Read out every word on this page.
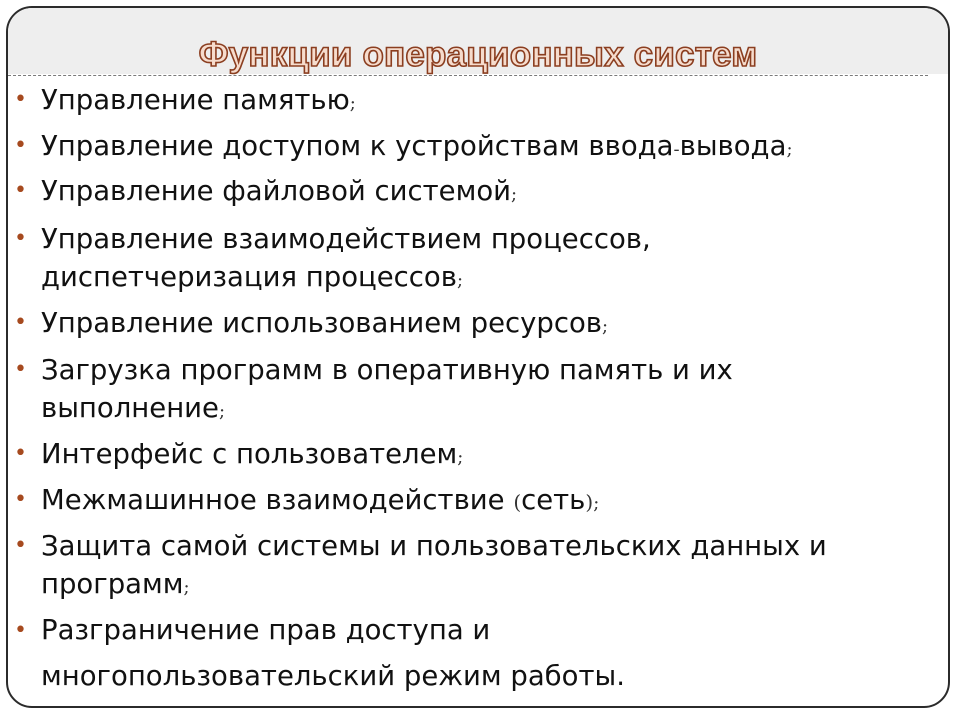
Функции операционных систем
• Управление памятью;
• Управление доступом к устройствам ввода-вывода;
• Управление файловой системой;
• Управление взаимодействием процессов,
диспетчеризация процессов;
• Управление использованием ресурсов;
• Загрузка программ в оперативную память и их
выполнение;
• Интерфейс с пользователем;
• Межмашинное взаимодействие (сеть);
• Защита самой системы и пользовательских данных и
программ;
• Разграничение прав доступа и

многопользовательский режим работы.
